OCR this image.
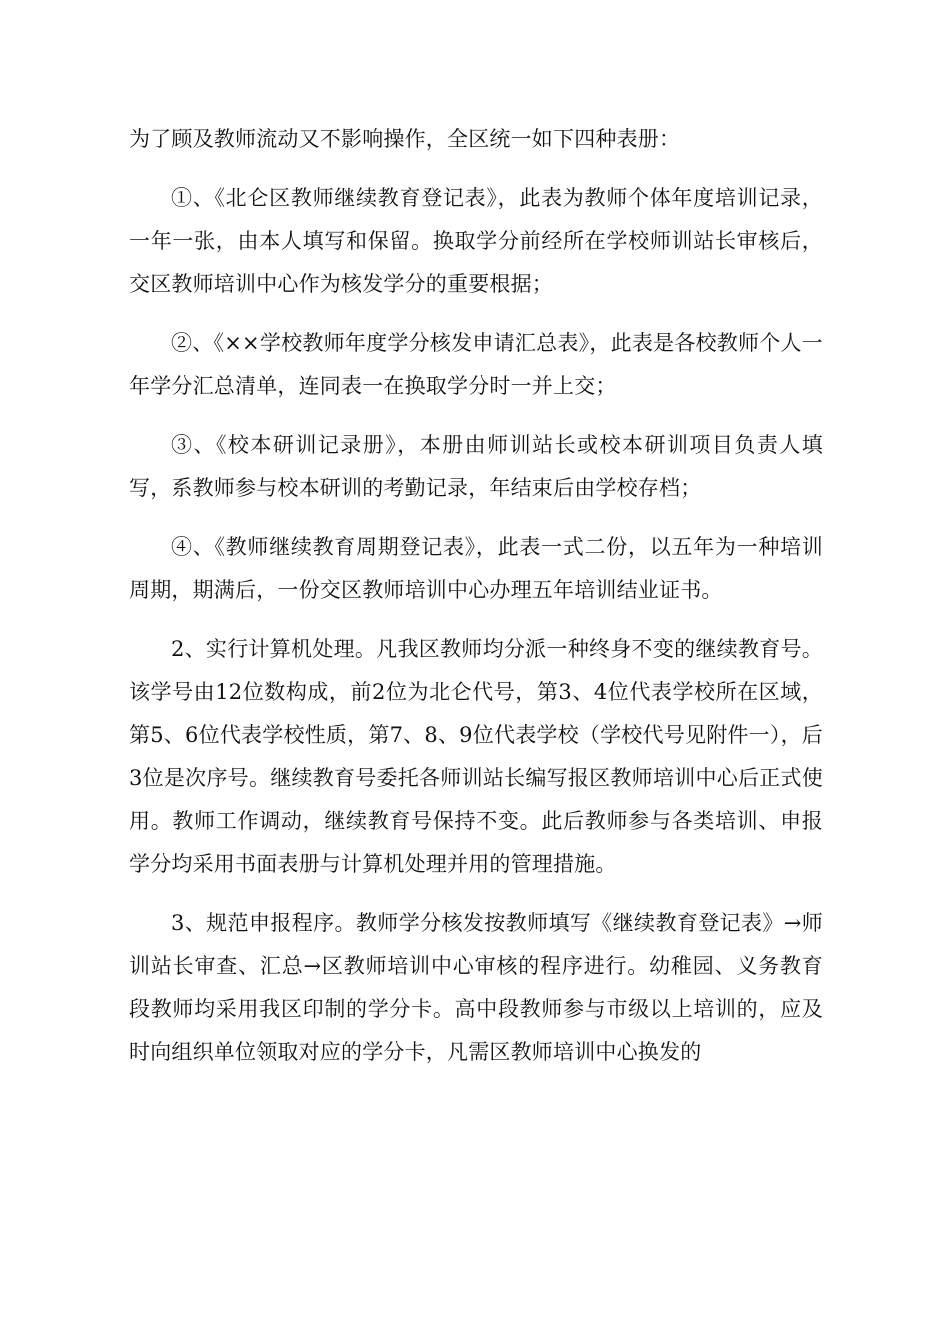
为了顾及教师流动又不影响操作，全区统一如下四种表册：

①、《北仑区教师继续教育登记表》，此表为教师个体年度培训记录，一年一张，由本人填写和保留。换取学分前经所在学校师训站长审核后，交区教师培训中心作为核发学分的重要根据；

②、《××学校教师年度学分核发申请汇总表》，此表是各校教师个人一年学分汇总清单，连同表一在换取学分时一并上交；

③、《校本研训记录册》，本册由师训站长或校本研训项目负责人填写，系教师参与校本研训的考勤记录，年结束后由学校存档；

④、《教师继续教育周期登记表》，此表一式二份，以五年为一种培训周期，期满后，一份交区教师培训中心办理五年培训结业证书。

2、实行计算机处理。凡我区教师均分派一种终身不变的继续教育号。该学号由12位数构成，前2位为北仑代号，第3、4位代表学校所在区域，第5、6位代表学校性质，第7、8、9位代表学校（学校代号见附件一），后3位是次序号。继续教育号委托各师训站长编写报区教师培训中心后正式使用。教师工作调动，继续教育号保持不变。此后教师参与各类培训、申报学分均采用书面表册与计算机处理并用的管理措施。

3、规范申报程序。教师学分核发按教师填写《继续教育登记表》→师训站长审查、汇总→区教师培训中心审核的程序进行。幼稚园、义务教育段教师均采用我区印制的学分卡。高中段教师参与市级以上培训的，应及时向组织单位领取对应的学分卡，凡需区教师培训中心换发的
